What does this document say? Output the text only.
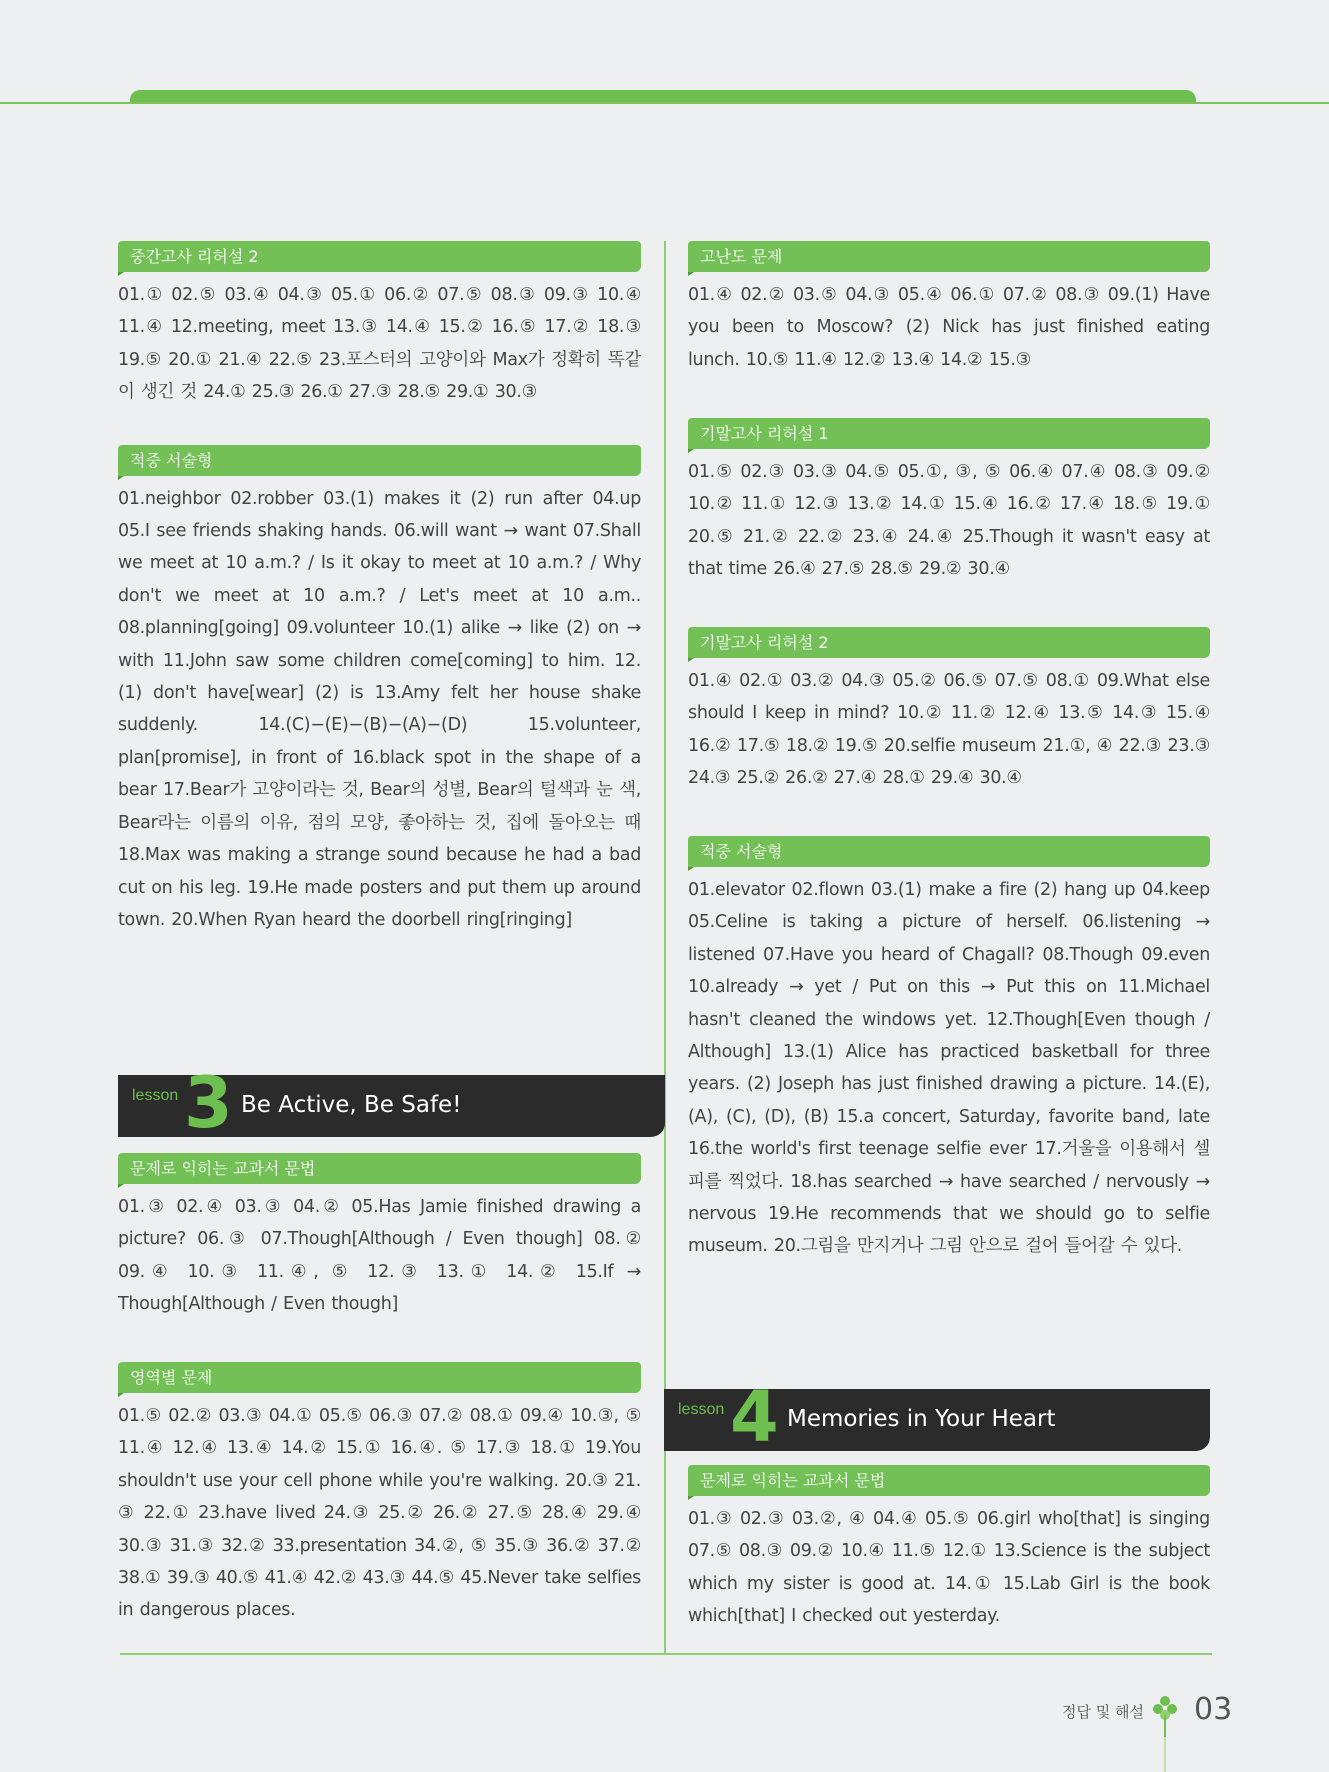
중간고사 리허설 2

01.① 02.⑤ 03.④ 04.③ 05.① 06.② 07.⑤ 08.③ 09.③ 10.④ 11.④ 12.meeting, meet 13.③ 14.④ 15.② 16.⑤ 17.② 18.③ 19.⑤ 20.① 21.④ 22.⑤ 23.포스터의 고양이와 Max가 정확히 똑같이 생긴 것 24.① 25.③ 26.① 27.③ 28.⑤ 29.① 30.③

적중 서술형

01.neighbor 02.robber 03.(1) makes it (2) run after 04.up 05.I see friends shaking hands. 06.will want → want 07.Shall we meet at 10 a.m.? / Is it okay to meet at 10 a.m.? / Why don't we meet at 10 a.m.? / Let's meet at 10 a.m.. 08.planning[going] 09.volunteer 10.(1) alike → like (2) on → with 11.John saw some children come[coming] to him. 12.(1) don't have[wear] (2) is 13.Amy felt her house shake suddenly. 14.(C)−(E)−(B)−(A)−(D) 15.volunteer, plan[promise], in front of 16.black spot in the shape of a bear 17.Bear가 고양이라는 것, Bear의 성별, Bear의 털색과 눈 색, Bear라는 이름의 이유, 점의 모양, 좋아하는 것, 집에 돌아오는 때 18.Max was making a strange sound because he had a bad cut on his leg. 19.He made posters and put them up around town. 20.When Ryan heard the doorbell ring[ringing]

lesson 3 Be Active, Be Safe!
문제로 익히는 교과서 문법

01.③ 02.④ 03.③ 04.② 05.Has Jamie finished drawing a picture? 06.③ 07.Though[Although / Even though] 08.② 09.④ 10.③ 11.④, ⑤ 12.③ 13.① 14.② 15.If → Though[Although / Even though]

영역별 문제

01.⑤ 02.② 03.③ 04.① 05.⑤ 06.③ 07.② 08.① 09.④ 10.③, ⑤ 11.④ 12.④ 13.④ 14.② 15.① 16.④. ⑤ 17.③ 18.① 19.You shouldn't use your cell phone while you're walking. 20.③ 21. ③ 22.① 23.have lived 24.③ 25.② 26.② 27.⑤ 28.④ 29.④ 30.③ 31.③ 32.② 33.presentation 34.②, ⑤ 35.③ 36.② 37.② 38.① 39.③ 40.⑤ 41.④ 42.② 43.③ 44.⑤ 45.Never take selfies in dangerous places.

고난도 문제

01.④ 02.② 03.⑤ 04.③ 05.④ 06.① 07.② 08.③ 09.(1) Have you been to Moscow? (2) Nick has just finished eating lunch. 10.⑤ 11.④ 12.② 13.④ 14.② 15.③

기말고사 리허설 1

01.⑤ 02.③ 03.③ 04.⑤ 05.①, ③, ⑤ 06.④ 07.④ 08.③ 09.② 10.② 11.① 12.③ 13.② 14.① 15.④ 16.② 17.④ 18.⑤ 19.① 20.⑤ 21.② 22.② 23.④ 24.④ 25.Though it wasn't easy at that time 26.④ 27.⑤ 28.⑤ 29.② 30.④

기말고사 리허설 2

01.④ 02.① 03.② 04.③ 05.② 06.⑤ 07.⑤ 08.① 09.What else should I keep in mind? 10.② 11.② 12.④ 13.⑤ 14.③ 15.④ 16.② 17.⑤ 18.② 19.⑤ 20.selfie museum 21.①, ④ 22.③ 23.③ 24.③ 25.② 26.② 27.④ 28.① 29.④ 30.④

적중 서술형

01.elevator 02.flown 03.(1) make a fire (2) hang up 04.keep 05.Celine is taking a picture of herself. 06.listening → listened 07.Have you heard of Chagall? 08.Though 09.even 10.already → yet / Put on this → Put this on 11.Michael hasn't cleaned the windows yet. 12.Though[Even though / Although] 13.(1) Alice has practiced basketball for three years. (2) Joseph has just finished drawing a picture. 14.(E), (A), (C), (D), (B) 15.a concert, Saturday, favorite band, late 16.the world's first teenage selfie ever 17.거울을 이용해서 셀피를 찍었다. 18.has searched → have searched / nervously → nervous 19.He recommends that we should go to selfie museum. 20.그림을 만지거나 그림 안으로 걸어 들어갈 수 있다.

lesson 4 Memories in Your Heart
문제로 익히는 교과서 문법

01.③ 02.③ 03.②, ④ 04.④ 05.⑤ 06.girl who[that] is singing 07.⑤ 08.③ 09.② 10.④ 11.⑤ 12.① 13.Science is the subject which my sister is good at. 14.① 15.Lab Girl is the book which[that] I checked out yesterday.

정답 및 해설 03
